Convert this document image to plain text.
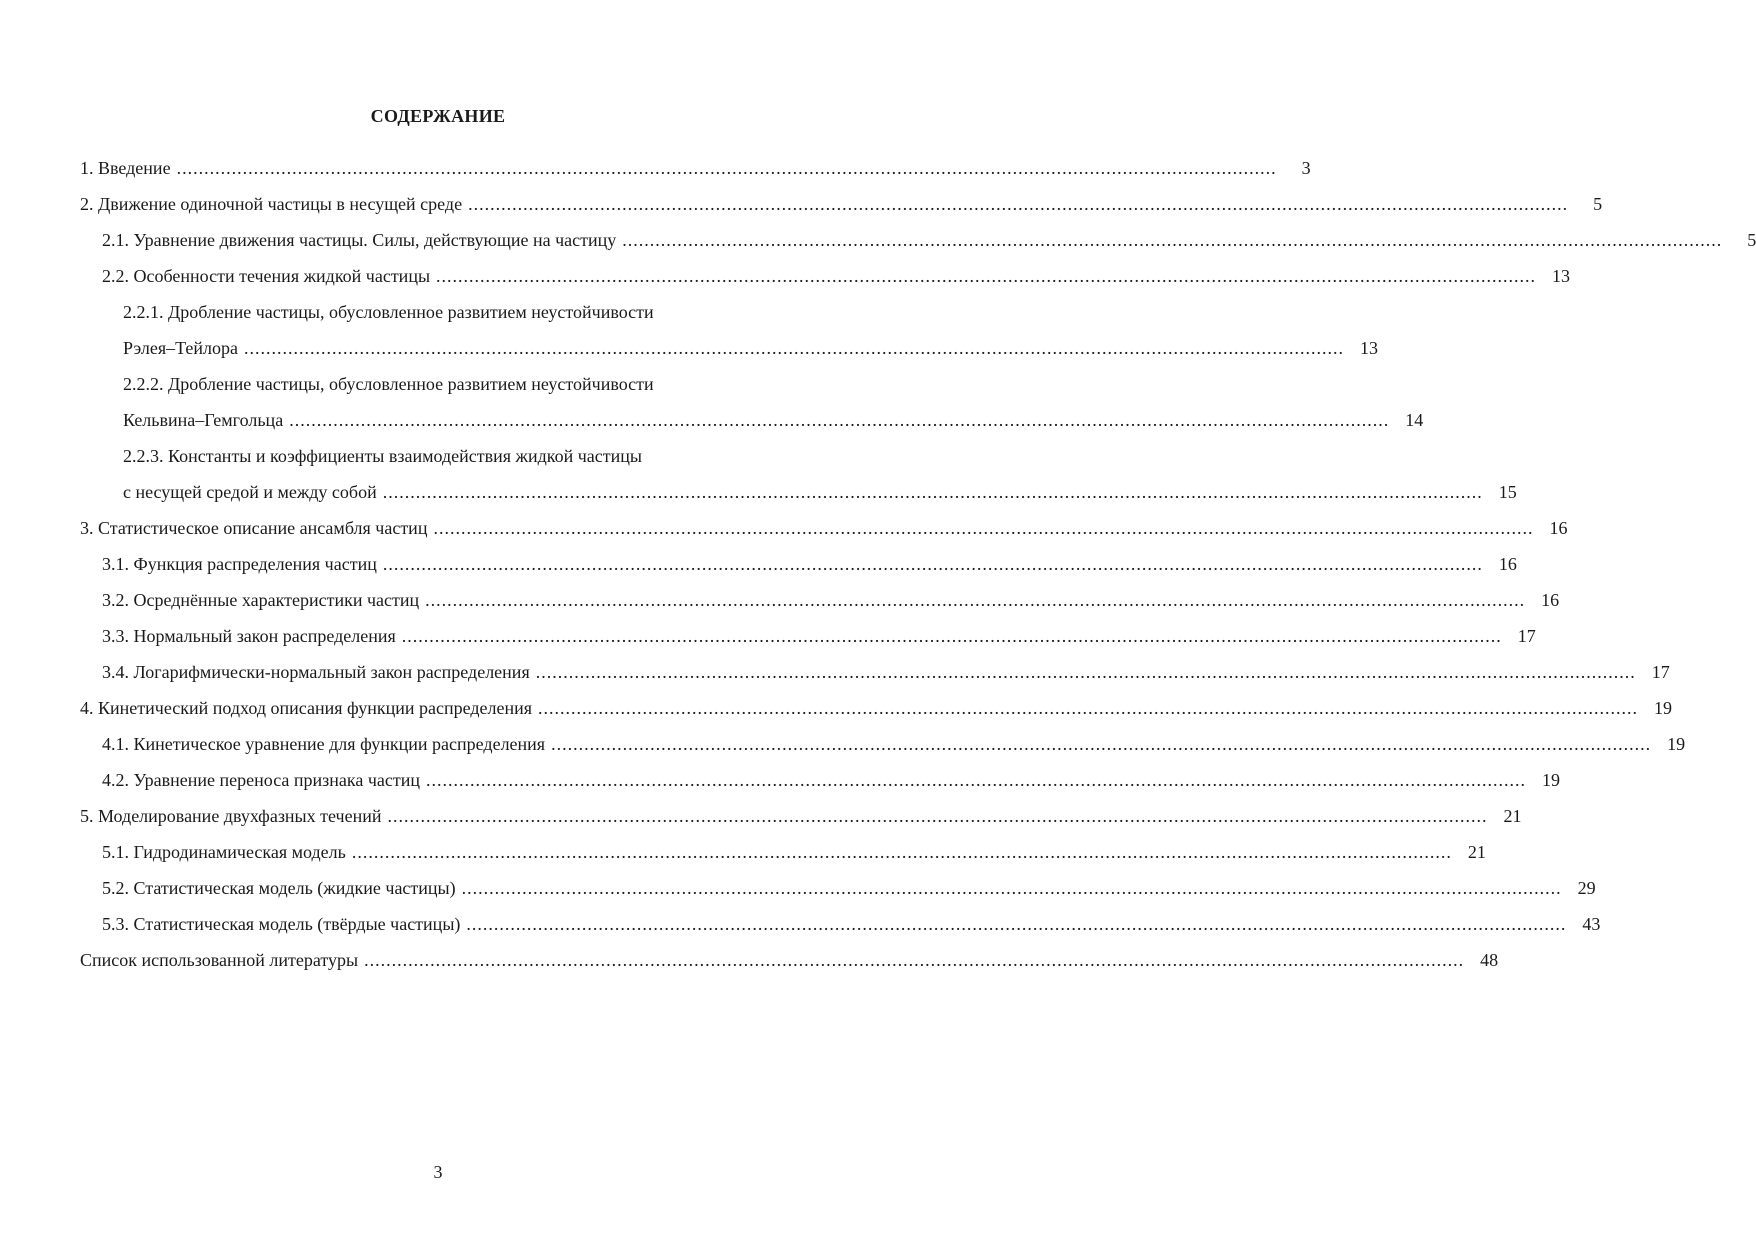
СОДЕРЖАНИЕ
1. Введение ........................................................................................................................................................................................................	3
2. Движение одиночной частицы в несущей среде ........................................................................................................................................................................................................	5
2.1. Уравнение движения частицы. Силы, действующие на частицу ........................................................................................................................................................................................................	5
2.2. Особенности течения жидкой частицы ........................................................................................................................................................................................................ 13
2.2.1. Дробление частицы, обусловленное развитием неустойчивости
Рэлея–Тейлора ........................................................................................................................................................................................................ 13
2.2.2. Дробление частицы, обусловленное развитием неустойчивости
Кельвина–Гемгольца ........................................................................................................................................................................................................ 14
2.2.3. Константы и коэффициенты взаимодействия жидкой частицы
с несущей средой и между собой ........................................................................................................................................................................................................ 15
3. Статистическое описание ансамбля частиц ........................................................................................................................................................................................................ 16
3.1. Функция распределения частиц ........................................................................................................................................................................................................ 16
3.2. Осреднённые характеристики частиц ........................................................................................................................................................................................................ 16
3.3. Нормальный закон распределения ........................................................................................................................................................................................................ 17
3.4. Логарифмически-нормальный закон распределения ........................................................................................................................................................................................................ 17
4. Кинетический подход описания функции распределения ........................................................................................................................................................................................................ 19
4.1. Кинетическое уравнение для функции распределения ........................................................................................................................................................................................................ 19
4.2. Уравнение переноса признака частиц ........................................................................................................................................................................................................ 19
5. Моделирование двухфазных течений ........................................................................................................................................................................................................ 21
5.1. Гидродинамическая модель ........................................................................................................................................................................................................ 21
5.2. Статистическая модель (жидкие частицы) ........................................................................................................................................................................................................ 29
5.3. Статистическая модель (твёрдые частицы) ........................................................................................................................................................................................................ 43
Список использованной литературы ........................................................................................................................................................................................................ 48
3
